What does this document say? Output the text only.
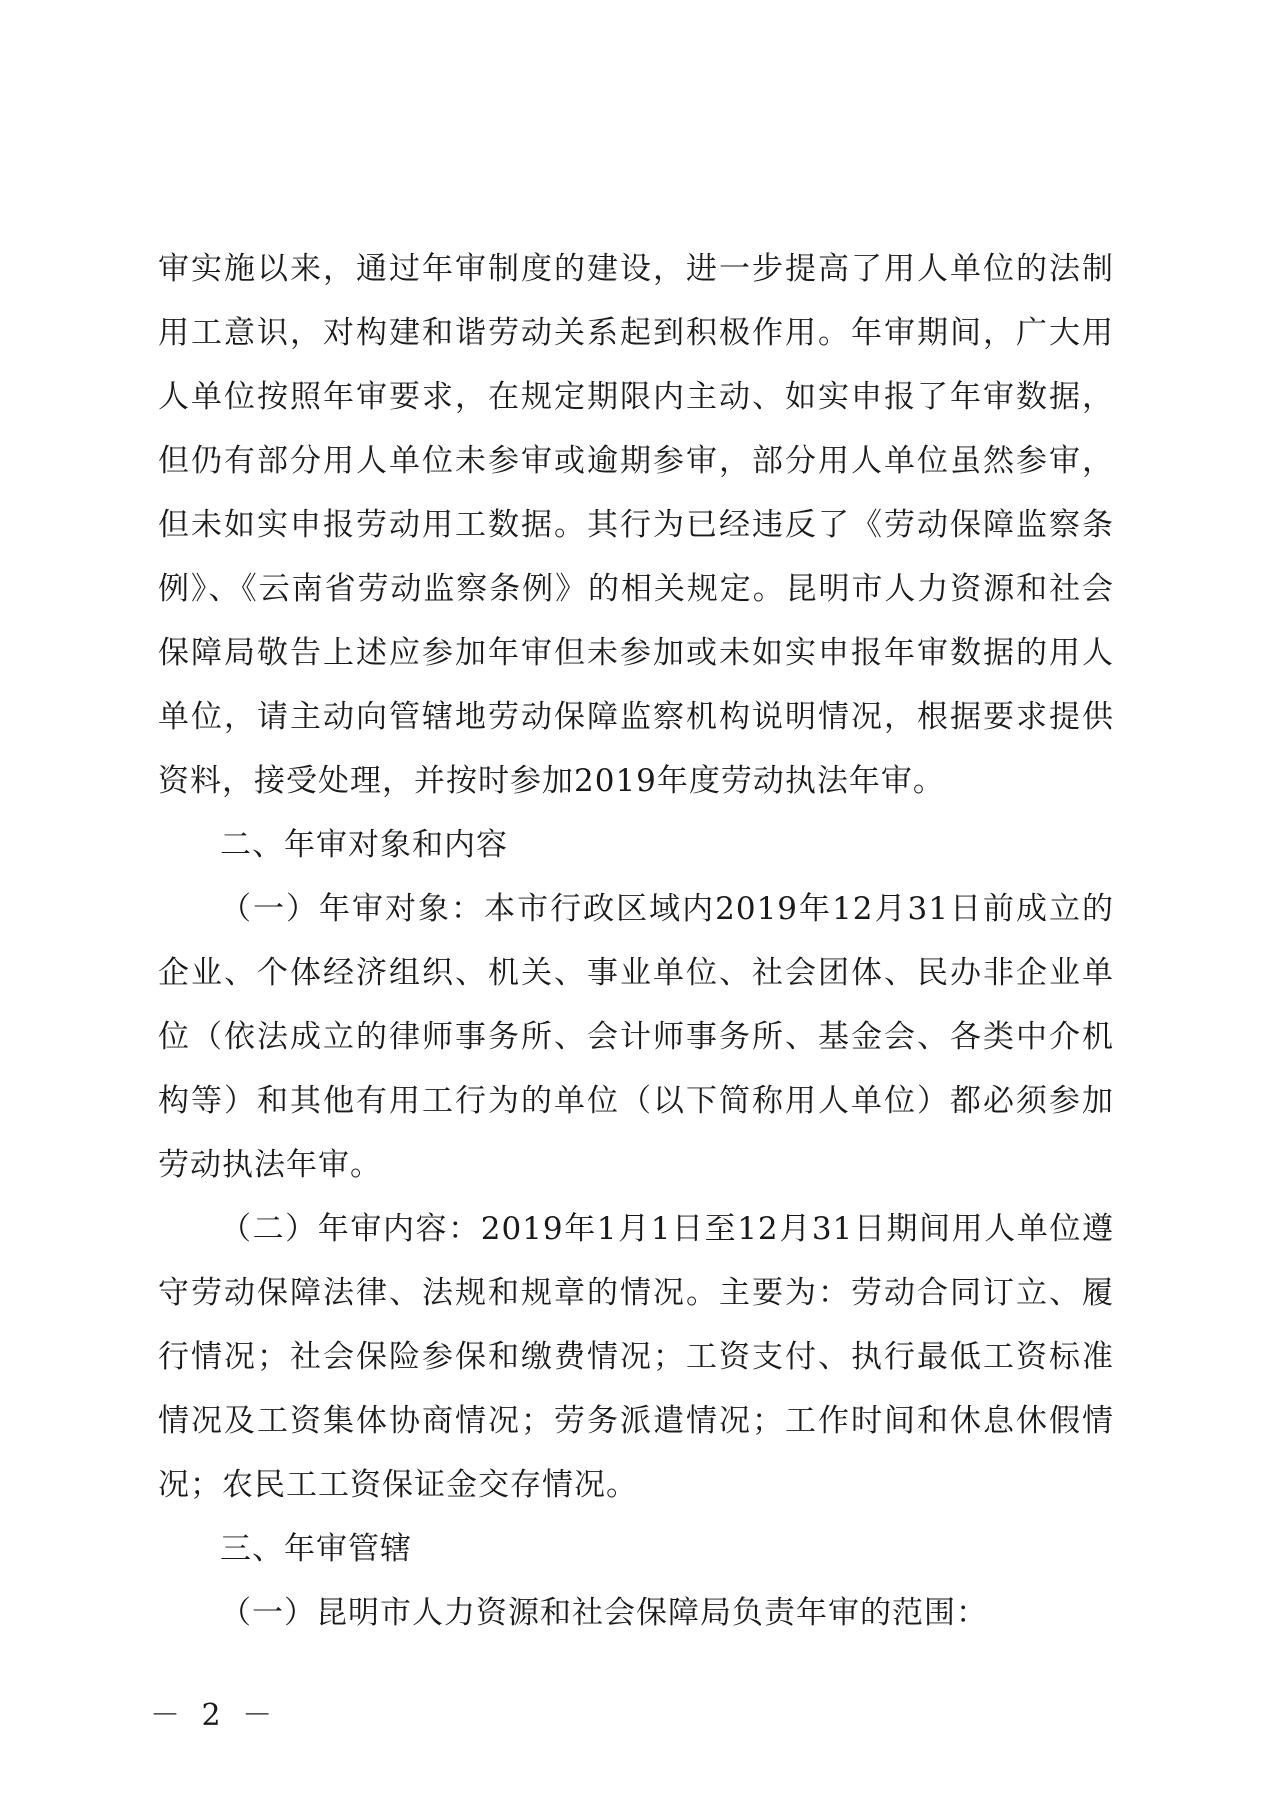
审实施以来，通过年审制度的建设，进一步提高了用人单位的法制用工意识，对构建和谐劳动关系起到积极作用。年审期间，广大用人单位按照年审要求，在规定期限内主动、如实申报了年审数据，但仍有部分用人单位未参审或逾期参审，部分用人单位虽然参审，但未如实申报劳动用工数据。其行为已经违反了《劳动保障监察条例》、《云南省劳动监察条例》的相关规定。昆明市人力资源和社会保障局敬告上述应参加年审但未参加或未如实申报年审数据的用人单位，请主动向管辖地劳动保障监察机构说明情况，根据要求提供资料，接受处理，并按时参加2019年度劳动执法年审。

二、年审对象和内容

（一）年审对象：本市行政区域内2019年12月31日前成立的企业、个体经济组织、机关、事业单位、社会团体、民办非企业单位（依法成立的律师事务所、会计师事务所、基金会、各类中介机构等）和其他有用工行为的单位（以下简称用人单位）都必须参加劳动执法年审。

（二）年审内容：2019年1月1日至12月31日期间用人单位遵守劳动保障法律、法规和规章的情况。主要为：劳动合同订立、履行情况；社会保险参保和缴费情况；工资支付、执行最低工资标准情况及工资集体协商情况；劳务派遣情况；工作时间和休息休假情况；农民工工资保证金交存情况。

三、年审管辖

（一）昆明市人力资源和社会保障局负责年审的范围：

－ 2 －
